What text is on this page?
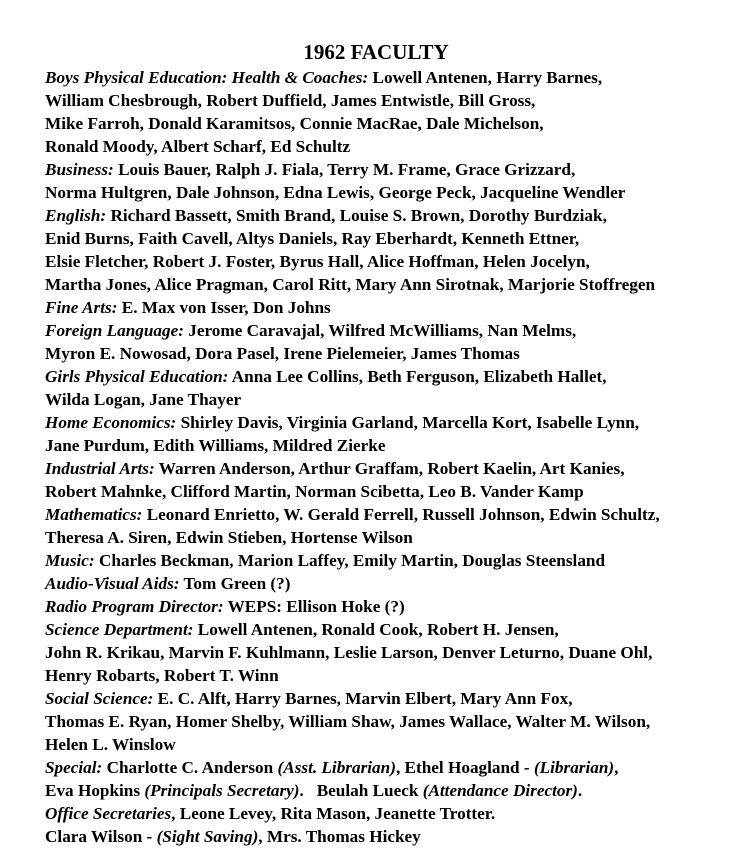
1962 FACULTY
Boys Physical Education: Health & Coaches: Lowell Antenen, Harry Barnes,
William Chesbrough, Robert Duffield, James Entwistle, Bill Gross,
Mike Farroh, Donald Karamitsos, Connie MacRae, Dale Michelson,
Ronald Moody, Albert Scharf, Ed Schultz
Business: Louis Bauer, Ralph J. Fiala, Terry M. Frame, Grace Grizzard,
Norma Hultgren, Dale Johnson, Edna Lewis, George Peck, Jacqueline Wendler
English: Richard Bassett, Smith Brand, Louise S. Brown, Dorothy Burdziak,
Enid Burns, Faith Cavell, Altys Daniels, Ray Eberhardt, Kenneth Ettner,
Elsie Fletcher, Robert J. Foster, Byrus Hall, Alice Hoffman, Helen Jocelyn,
Martha Jones, Alice Pragman, Carol Ritt, Mary Ann Sirotnak, Marjorie Stoffregen
Fine Arts: E. Max von Isser, Don Johns
Foreign Language: Jerome Caravajal, Wilfred McWilliams, Nan Melms,
Myron E. Nowosad, Dora Pasel, Irene Pielemeier, James Thomas
Girls Physical Education: Anna Lee Collins, Beth Ferguson, Elizabeth Hallet,
Wilda Logan, Jane Thayer
Home Economics: Shirley Davis, Virginia Garland, Marcella Kort, Isabelle Lynn,
Jane Purdum, Edith Williams, Mildred Zierke
Industrial Arts: Warren Anderson, Arthur Graffam, Robert Kaelin, Art Kanies,
Robert Mahnke, Clifford Martin, Norman Scibetta, Leo B. Vander Kamp
Mathematics: Leonard Enrietto, W. Gerald Ferrell, Russell Johnson, Edwin Schultz,
Theresa A. Siren, Edwin Stieben, Hortense Wilson
Music: Charles Beckman, Marion Laffey, Emily Martin, Douglas Steensland
Audio-Visual Aids: Tom Green (?)
Radio Program Director: WEPS: Ellison Hoke (?)
Science Department: Lowell Antenen, Ronald Cook, Robert H. Jensen,
John R. Krikau, Marvin F. Kuhlmann, Leslie Larson, Denver Leturno, Duane Ohl,
Henry Robarts, Robert T. Winn
Social Science: E. C. Alft, Harry Barnes, Marvin Elbert, Mary Ann Fox,
Thomas E. Ryan, Homer Shelby, William Shaw, James Wallace, Walter M. Wilson,
Helen L. Winslow
Special: Charlotte C. Anderson (Asst. Librarian), Ethel Hoagland - (Librarian),
Eva Hopkins (Principals Secretary).   Beulah Lueck (Attendance Director).
Office Secretaries, Leone Levey, Rita Mason, Jeanette Trotter.
Clara Wilson - (Sight Saving), Mrs. Thomas Hickey
